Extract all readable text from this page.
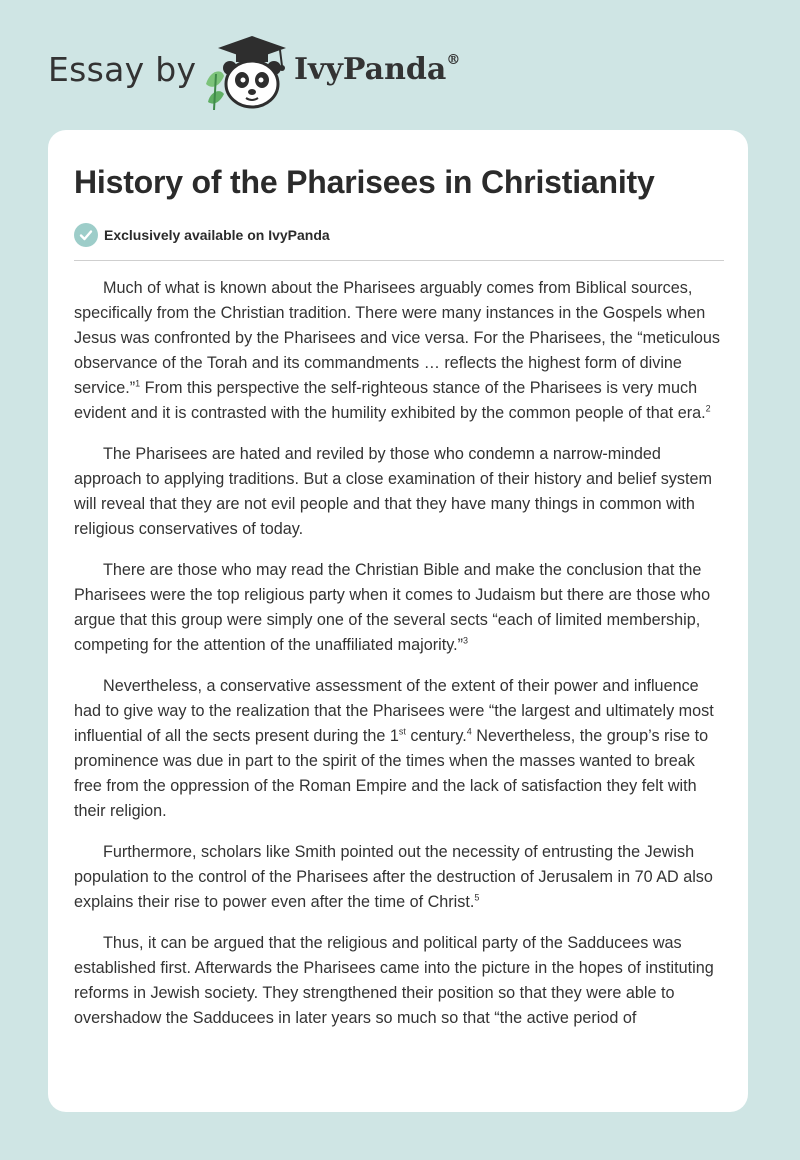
Essay by	IvyPanda®
History of the Pharisees in Christianity
Exclusively available on IvyPanda

Much of what is known about the Pharisees arguably comes from Biblical sources, specifically from the Christian tradition. There were many instances in the Gospels when Jesus was confronted by the Pharisees and vice versa. For the Pharisees, the “meticulous observance of the Torah and its commandments … reflects the highest form of divine service.”$^1$ From this perspective the self-righteous stance of the Pharisees is very much evident and it is contrasted with the humility exhibited by the common people of that era.$^2$

The Pharisees are hated and reviled by those who condemn a narrow-minded approach to applying traditions. But a close examination of their history and belief system will reveal that they are not evil people and that they have many things in common with religious conservatives of today.

There are those who may read the Christian Bible and make the conclusion that the Pharisees were the top religious party when it comes to Judaism but there are those who argue that this group were simply one of the several sects “each of limited membership, competing for the attention of the unaffiliated majority.”$^3$

Nevertheless, a conservative assessment of the extent of their power and influence had to give way to the realization that the Pharisees were “the largest and ultimately most influential of all the sects present during the 1st century.$^4$ Nevertheless, the group’s rise to prominence was due in part to the spirit of the times when the masses wanted to break free from the oppression of the Roman Empire and the lack of satisfaction they felt with their religion.

Furthermore, scholars like Smith pointed out the necessity of entrusting the Jewish population to the control of the Pharisees after the destruction of Jerusalem in 70 AD also explains their rise to power even after the time of Christ.$^5$

Thus, it can be argued that the religious and political party of the Sadducees was established first. Afterwards the Pharisees came into the picture in the hopes of instituting reforms in Jewish society. They strengthened their position so that they were able to overshadow the Sadducees in later years so much so that “the active period of
